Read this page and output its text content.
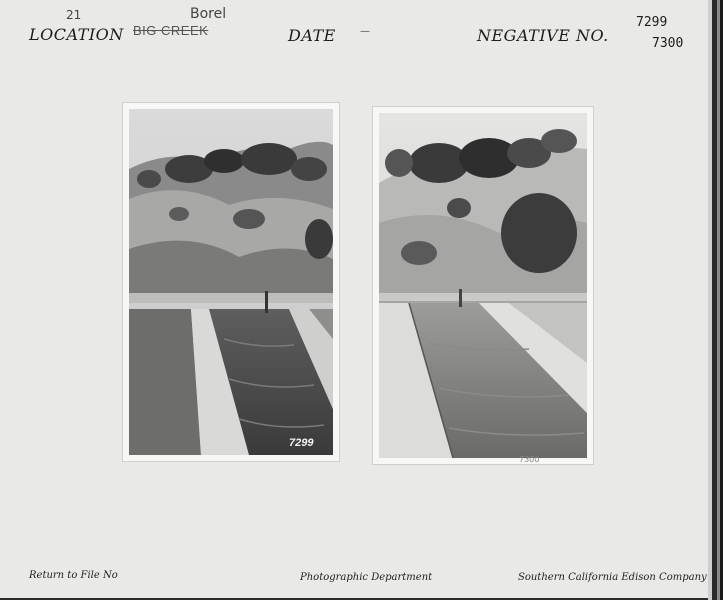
21	Borel
LOCATION BIG CREEK	DATE —	NEGATIVE NO.
7299
7300
7299
7300
Return to File No	Photographic Department	Southern California Edison Company
